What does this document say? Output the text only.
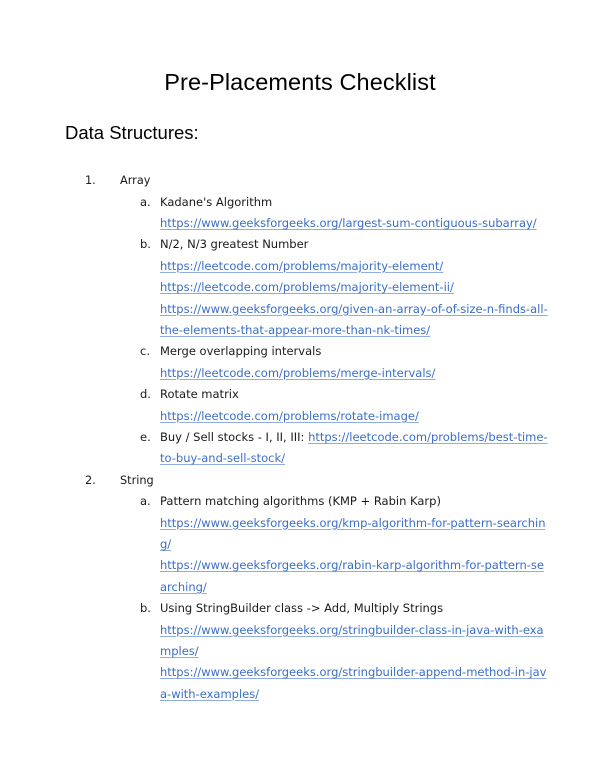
Pre-Placements Checklist
Data Structures:
1.	Array
a. Kadane's Algorithm
https://www.geeksforgeeks.org/largest-sum-contiguous-subarray/
b. N/2, N/3 greatest Number
https://leetcode.com/problems/majority-element/
https://leetcode.com/problems/majority-element-ii/
https://www.geeksforgeeks.org/given-an-array-of-of-size-n-finds-all-the-elements-that-appear-more-than-nk-times/
c. Merge overlapping intervals
https://leetcode.com/problems/merge-intervals/
d. Rotate matrix
https://leetcode.com/problems/rotate-image/
e. Buy / Sell stocks - I, II, III: https://leetcode.com/problems/best-time-to-buy-and-sell-stock/
2.	String
a. Pattern matching algorithms (KMP + Rabin Karp)
https://www.geeksforgeeks.org/kmp-algorithm-for-pattern-searching/
https://www.geeksforgeeks.org/rabin-karp-algorithm-for-pattern-searching/
b. Using StringBuilder class -> Add, Multiply Strings
https://www.geeksforgeeks.org/stringbuilder-class-in-java-with-examples/
https://www.geeksforgeeks.org/stringbuilder-append-method-in-java-with-examples/
